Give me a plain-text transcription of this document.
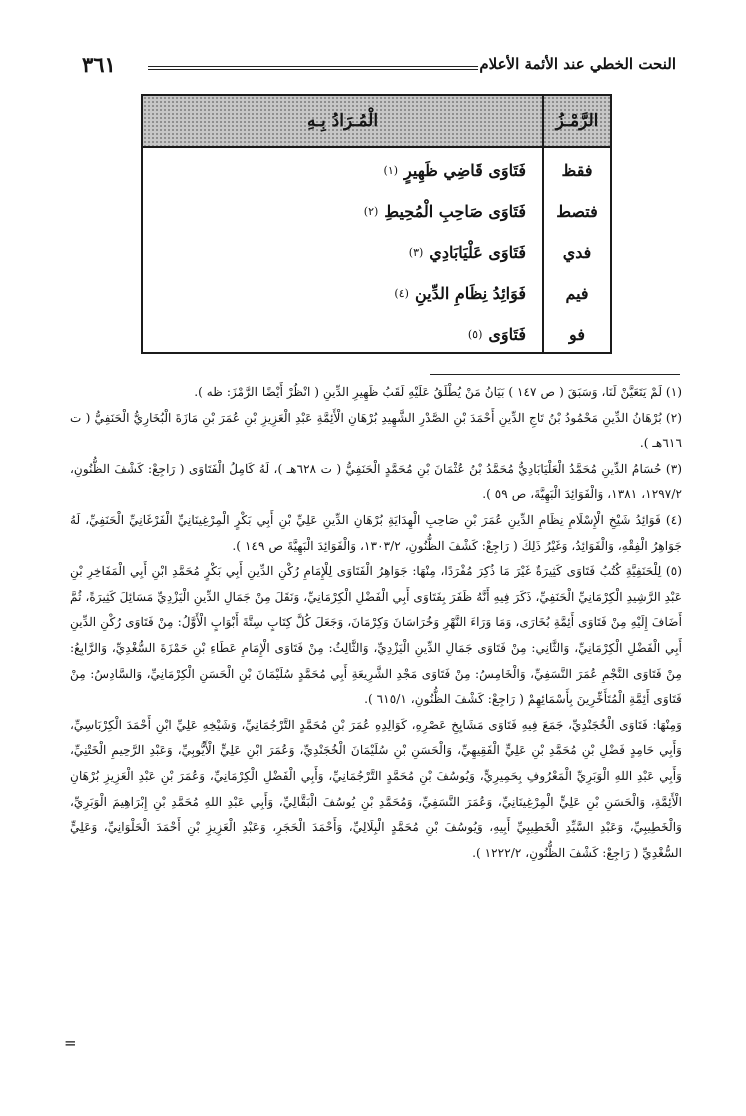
النحت الخطي عند الأئمة الأعلام
٣٦١
الرَّمْـزُ
الْمُـرَادُ بِـهِ
فقظ
فَتَاوَى قَاضِي ظَهِيرٍ
(١)
فتصط
فَتَاوَى صَاحِبِ الْمُحِيطِ
(٢)
فدي
فَتَاوَى عَلْيَابَادِي
(٣)
فيم
فَوَائِدُ نِظَامِ الدِّينِ
(٤)
فو
فَتَاوَى
(٥)

(١) لَمْ يَتَعَيَّنْ لَنَا، وَسَبَقَ ( ص ١٤٧ ) بَيَانُ مَنْ يُطْلَقُ عَلَيْهِ لَقَبُ ظَهِيرِ الدِّينِ ( انْظُرْ أَيْضًا الرَّمْزَ: ظه ).

(٢) بُرْهَانُ الدِّينِ مَحْمُودُ بْنُ تَاجِ الدِّينِ أَحْمَدَ بْنِ الصَّدْرِ الشَّهِيدِ بُرْهَانِ الْأَئِمَّةِ عَبْدِ الْعَزِيزِ بْنِ عُمَرَ بْنِ مَازَةَ الْبُخَارِيُّ الْحَنَفِيُّ ( ت ٦١٦هـ ).

(٣) حُسَامُ الدِّينِ مُحَمَّدُ الْعَلْيَابَادِيُّ مُحَمَّدُ بْنُ عُثْمَانَ بْنِ مُحَمَّدٍ الْحَنَفِيُّ ( ت ٦٢٨هـ )، لَهُ كَامِلُ الْفَتَاوَى ( رَاجِعْ: كَشْفَ الظُّنُونِ، ١٢٩٧/٢، ١٣٨١، وَالْفَوَائِدَ الْبَهِيَّةَ، ص ٥٩ ).

(٤) فَوَائِدُ شَيْخِ الْإِسْلَامِ نِظَامِ الدِّينِ عُمَرَ بْنِ صَاحِبِ الْهِدَايَةِ بُرْهَانِ الدِّينِ عَلِيِّ بْنِ أَبِي بَكْرٍ الْمِرْغِينَانِيِّ الْفَرْغَانِيِّ الْحَنَفِيِّ، لَهُ جَوَاهِرُ الْفِقْهِ، وَالْفَوَائِدُ، وَغَيْرُ ذَلِكَ ( رَاجِعْ: كَشْفَ الظُّنُونِ، ١٣٠٣/٢، وَالْفَوَائِدَ الْبَهِيَّةَ ص ١٤٩ ).

(٥) لِلْحَنَفِيَّةِ كُتُبُ فَتَاوَى كَثِيرَةٌ غَيْرَ مَا ذُكِرَ مُفْرَدًا، مِنْهَا: جَوَاهِرُ الْفَتَاوَى لِلْإِمَامِ رُكْنِ الدِّينِ أَبِي بَكْرٍ مُحَمَّدِ ابْنِ أَبِي الْمَفَاخِرِ بْنِ عَبْدِ الرَّشِيدِ الْكِرْمَانِيِّ الْحَنَفِيِّ، ذَكَرَ فِيهِ أَنَّهُ ظَفَرَ بِفَتَاوَى أَبِي الْفَضْلِ الْكِرْمَانِيِّ، وَنَقَلَ مِنْ جَمَالِ الدِّينِ الْيَزْدِيِّ مَسَائِلَ كَثِيرَةً، ثُمَّ أَضَافَ إِلَيْهِ مِنْ فَتَاوَى أَئِمَّةِ بُخَارَى، وَمَا وَرَاءَ النَّهْرِ وَخُرَاسَانَ وَكِرْمَانَ، وَجَعَلَ كُلَّ كِتَابٍ سِتَّةَ أَبْوَابٍ الْأَوَّلُ: مِنْ فَتَاوَى رُكْنِ الدِّينِ أَبِي الْفَضْلِ الْكِرْمَانِيِّ، وَالثَّانِي: مِنْ فَتَاوَى جَمَالِ الدِّينِ الْيَزْدِيِّ، وَالثَّالِثُ: مِنْ فَتَاوَى الْإِمَامِ عَطَاءِ بْنِ حَمْزَةَ السُّغْدِيِّ، وَالرَّابِعُ: مِنْ فَتَاوَى النَّجْمِ عُمَرَ النَّسَفِيِّ، وَالْخَامِسُ: مِنْ فَتَاوَى مَجْدِ الشَّرِيعَةِ أَبِي مُحَمَّدٍ سُلَيْمَانَ بْنِ الْحَسَنِ الْكِرْمَانِيِّ، وَالسَّادِسُ: مِنْ فَتَاوَى أَئِمَّةِ الْمُتَأَخِّرِينَ بِأَسْمَائِهِمْ ( رَاجِعْ: كَشْفَ الظُّنُونِ، ٦١٥/١ ).

وَمِنْهَا: فَتَاوَى الْخُجَنْدِيِّ، جَمَعَ فِيهِ فَتَاوَى مَشَايِخِ عَصْرِهِ، كَوَالِدِهِ عُمَرَ بْنِ مُحَمَّدٍ التَّرْجُمَانِيِّ، وَشَيْخِهِ عَلِيِّ ابْنِ أَحْمَدَ الْكِرْبَاسِيِّ، وَأَبِي حَامِدٍ فَضْلِ بْنِ مُحَمَّدِ بْنِ عَلِيٍّ الْفَقِيهِيِّ، وَالْحَسَنِ بْنِ سُلَيْمَانَ الْخُجَنْدِيِّ، وَعُمَرَ ابْنِ عَلِيٍّ الْأَيُّوبِيِّ، وَعَبْدِ الرَّحِيمِ الْخَتْنِيِّ، وَأَبِي عَبْدِ اللهِ الْوَبَرِيِّ الْمَعْرُوفِ بِحَمِيرِيٍّ، وَيُوسُفَ بْنِ مُحَمَّدٍ التَّرْجُمَانِيِّ، وَأَبِي الْفَضْلِ الْكِرْمَانِيِّ، وَعُمَرَ بْنِ عَبْدِ الْعَزِيزِ بُرْهَانِ الْأَئِمَّةِ، وَالْحَسَنِ بْنِ عَلِيٍّ الْمِرْغِينَانِيِّ، وَعُمَرَ النَّسَفِيِّ، وَمُحَمَّدِ بْنِ يُوسُفَ الْبَقَّالِيِّ، وَأَبِي عَبْدِ اللهِ مُحَمَّدِ بْنِ إِبْرَاهِيمَ الْوَبَرِيِّ، وَالْخَطِيبِيِّ، وَعَبْدِ السَّيِّدِ الْخَطِيبِيِّ أَبِيهِ، وَيُوسُفَ بْنِ مُحَمَّدٍ الْبِلَالِيِّ، وَأَحْمَدَ الْحَجَرِ، وَعَبْدِ الْعَزِيزِ بْنِ أَحْمَدَ الْحَلْوَانِيِّ، وَعَلِيٍّ السُّغْدِيِّ ( رَاجِعْ: كَشْفَ الظُّنُونِ، ١٢٢٢/٢ ).

=
